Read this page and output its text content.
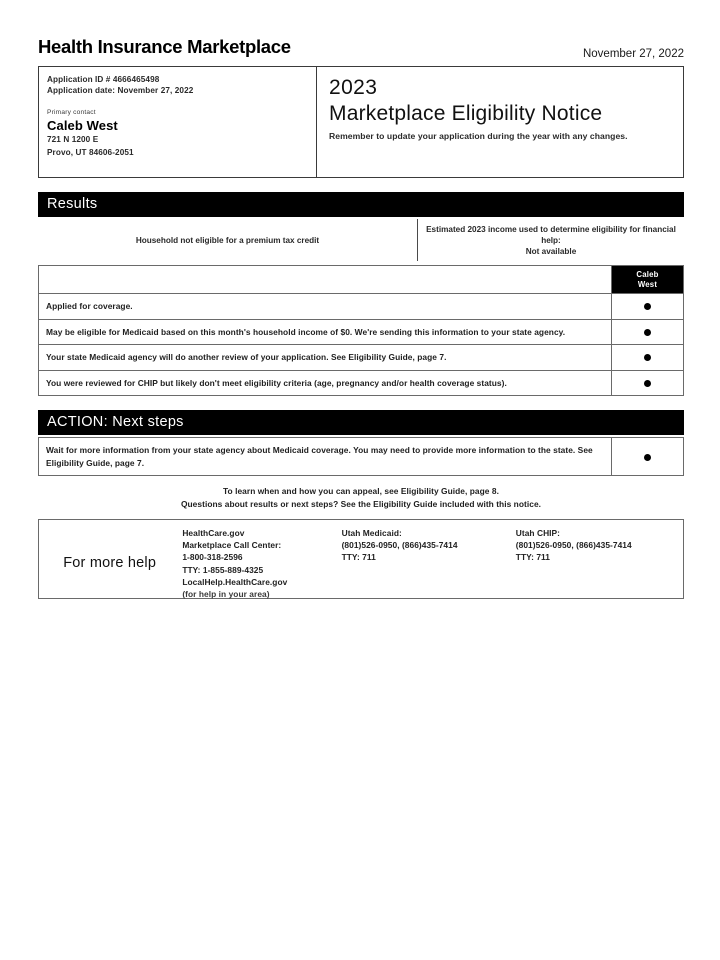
Health Insurance Marketplace	November 27, 2022
Application ID # 4666465498
Application date: November 27, 2022
Primary contact
Caleb West
721 N 1200 E
Provo, UT 84606-2051
2023
Marketplace Eligibility Notice
Remember to update your application during the year with any changes.
Results
Household not eligible for a premium tax credit
Estimated 2023 income used to determine eligibility for financial help:
Not available
	Caleb
West
Applied for coverage.	
May be eligible for Medicaid based on this month's household income of $0. We're sending this information to your state agency.	
Your state Medicaid agency will do another review of your application. See Eligibility Guide, page 7.	
You were reviewed for CHIP but likely don't meet eligibility criteria (age, pregnancy and/or health coverage status).	
ACTION: Next steps
Wait for more information from your state agency about Medicaid coverage. You may need to provide more information to the state. See Eligibility Guide, page 7.	
To learn when and how you can appeal, see Eligibility Guide, page 8.
Questions about results or next steps? See the Eligibility Guide included with this notice.
For more help
HealthCare.gov
Marketplace Call Center:
1-800-318-2596
TTY: 1-855-889-4325
LocalHelp.HealthCare.gov
(for help in your area)
Utah Medicaid:
(801)526-0950, (866)435-7414
TTY: 711
Utah CHIP:
(801)526-0950, (866)435-7414
TTY: 711
